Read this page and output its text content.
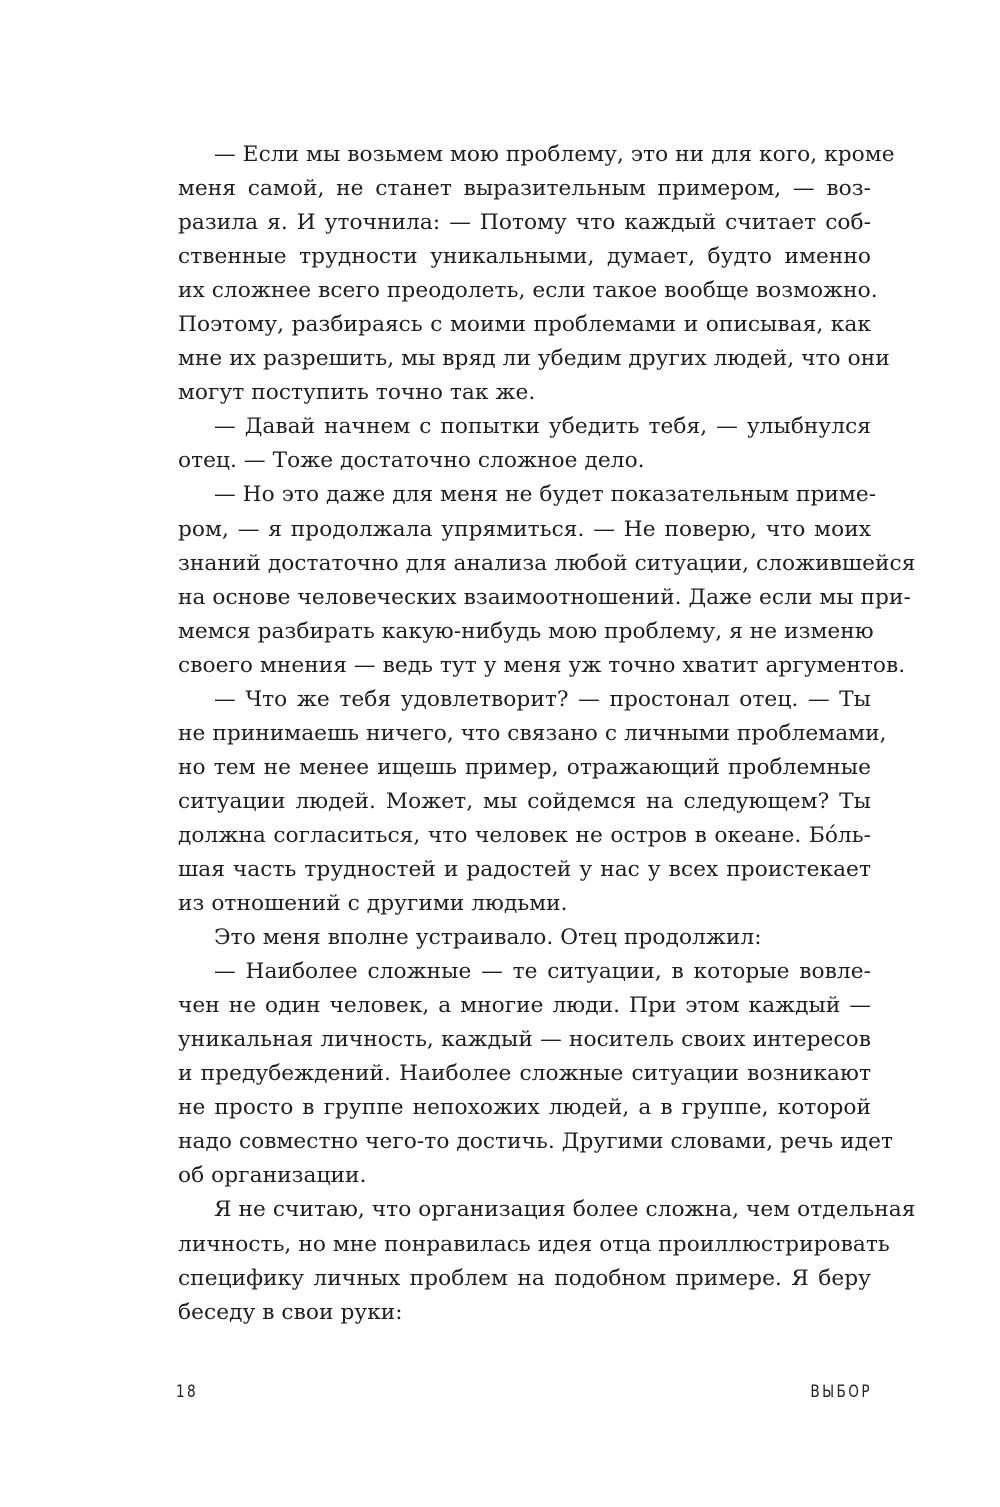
— Если мы возьмем мою проблему, это ни для кого, кроме
меня самой, не станет выразительным примером, — воз-
разила я. И уточнила: — Потому что каждый считает соб-
ственные трудности уникальными, думает, будто именно
их сложнее всего преодолеть, если такое вообще возможно.
Поэтому, разбираясь с моими проблемами и описывая, как
мне их разрешить, мы вряд ли убедим других людей, что они
могут поступить точно так же.
— Давай начнем с попытки убедить тебя, — улыбнулся
отец. — Тоже достаточно сложное дело.
— Но это даже для меня не будет показательным приме-
ром, — я продолжала упрямиться. — Не поверю, что моих
знаний достаточно для анализа любой ситуации, сложившейся
на основе человеческих взаимоотношений. Даже если мы при-
мемся разбирать какую-нибудь мою проблему, я не изменю
своего мнения — ведь тут у меня уж точно хватит аргументов.
— Что же тебя удовлетворит? — простонал отец. — Ты
не принимаешь ничего, что связано с личными проблемами,
но тем не менее ищешь пример, отражающий проблемные
ситуации людей. Может, мы сойдемся на следующем? Ты
должна согласиться, что человек не остров в океане. Бо́ль-
шая часть трудностей и радостей у нас у всех проистекает
из отношений с другими людьми.
Это меня вполне устраивало. Отец продолжил:
— Наиболее сложные — те ситуации, в которые вовле-
чен не один человек, а многие люди. При этом каждый —
уникальная личность, каждый — носитель своих интересов
и предубеждений. Наиболее сложные ситуации возникают
не просто в группе непохожих людей, а в группе, которой
надо совместно чего-то достичь. Другими словами, речь идет
об организации.
Я не считаю, что организация более сложна, чем отдельная
личность, но мне понравилась идея отца проиллюстрировать
специфику личных проблем на подобном примере. Я беру
беседу в свои руки:
18	ВЫБОР
